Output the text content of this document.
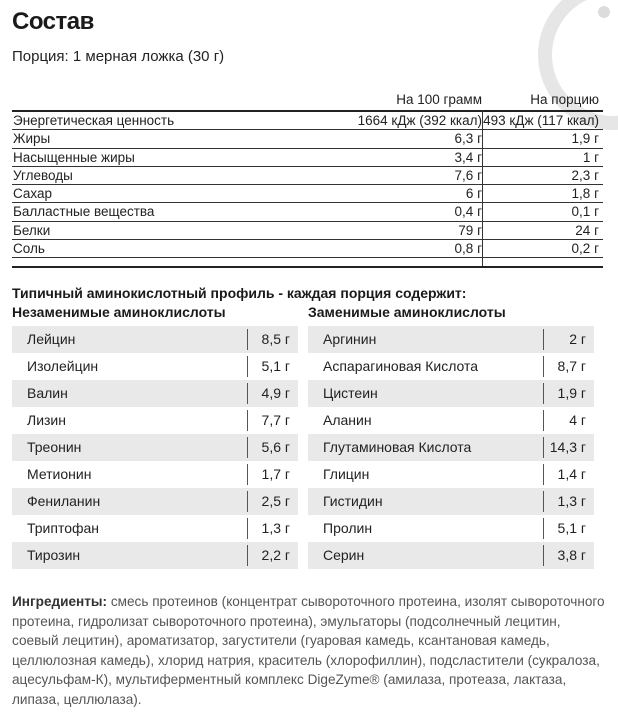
Состав
Порция: 1 мерная ложка (30 г)
На 100 грамм	На порцию
Энергетическая ценность	1664 кДж (392 ккал) 493 кДж (117 ккал)
Жиры	6,3 г	1,9 г
Насыщенные жиры	3,4 г	1 г
Углеводы	7,6 г	2,3 г
Сахар	6 г	1,8 г
Балластные вещества	0,4 г	0,1 г
Белки	79 г	24 г
Соль	0,8 г	0,2 г
Типичный аминокислотный профиль - каждая порция содержит:
Незаменимые аминоклислоты	Заменимые аминоклислоты
Лейцин	8,5 г
Изолейцин	5,1 г
Валин	4,9 г
Лизин	7,7 г
Треонин	5,6 г
Метионин	1,7 г
Фениланин	2,5 г
Триптофан	1,3 г
Тирозин	2,2 г
Аргинин	2 г
Аспарагиновая Кислота	8,7 г
Цистеин	1,9 г
Аланин	4 г
Глутаминовая Кислота	14,3 г
Глицин	1,4 г
Гистидин	1,3 г
Пролин	5,1 г
Серин	3,8 г
Ингредиенты: смесь протеинов (концентрат сывороточного протеина, изолят сывороточного протеина, гидролизат сывороточного протеина), эмульгаторы (подсолнечный лецитин, соевый лецитин), ароматизатор, загустители (гуаровая камедь, ксантановая камедь, целлюлозная камедь), хлорид натрия, краситель (хлорофиллин), подсластители (сукралоза, ацесульфам-К), мультиферментный комплекс DigeZyme® (амилаза, протеаза, лактаза, липаза, целлюлаза).
